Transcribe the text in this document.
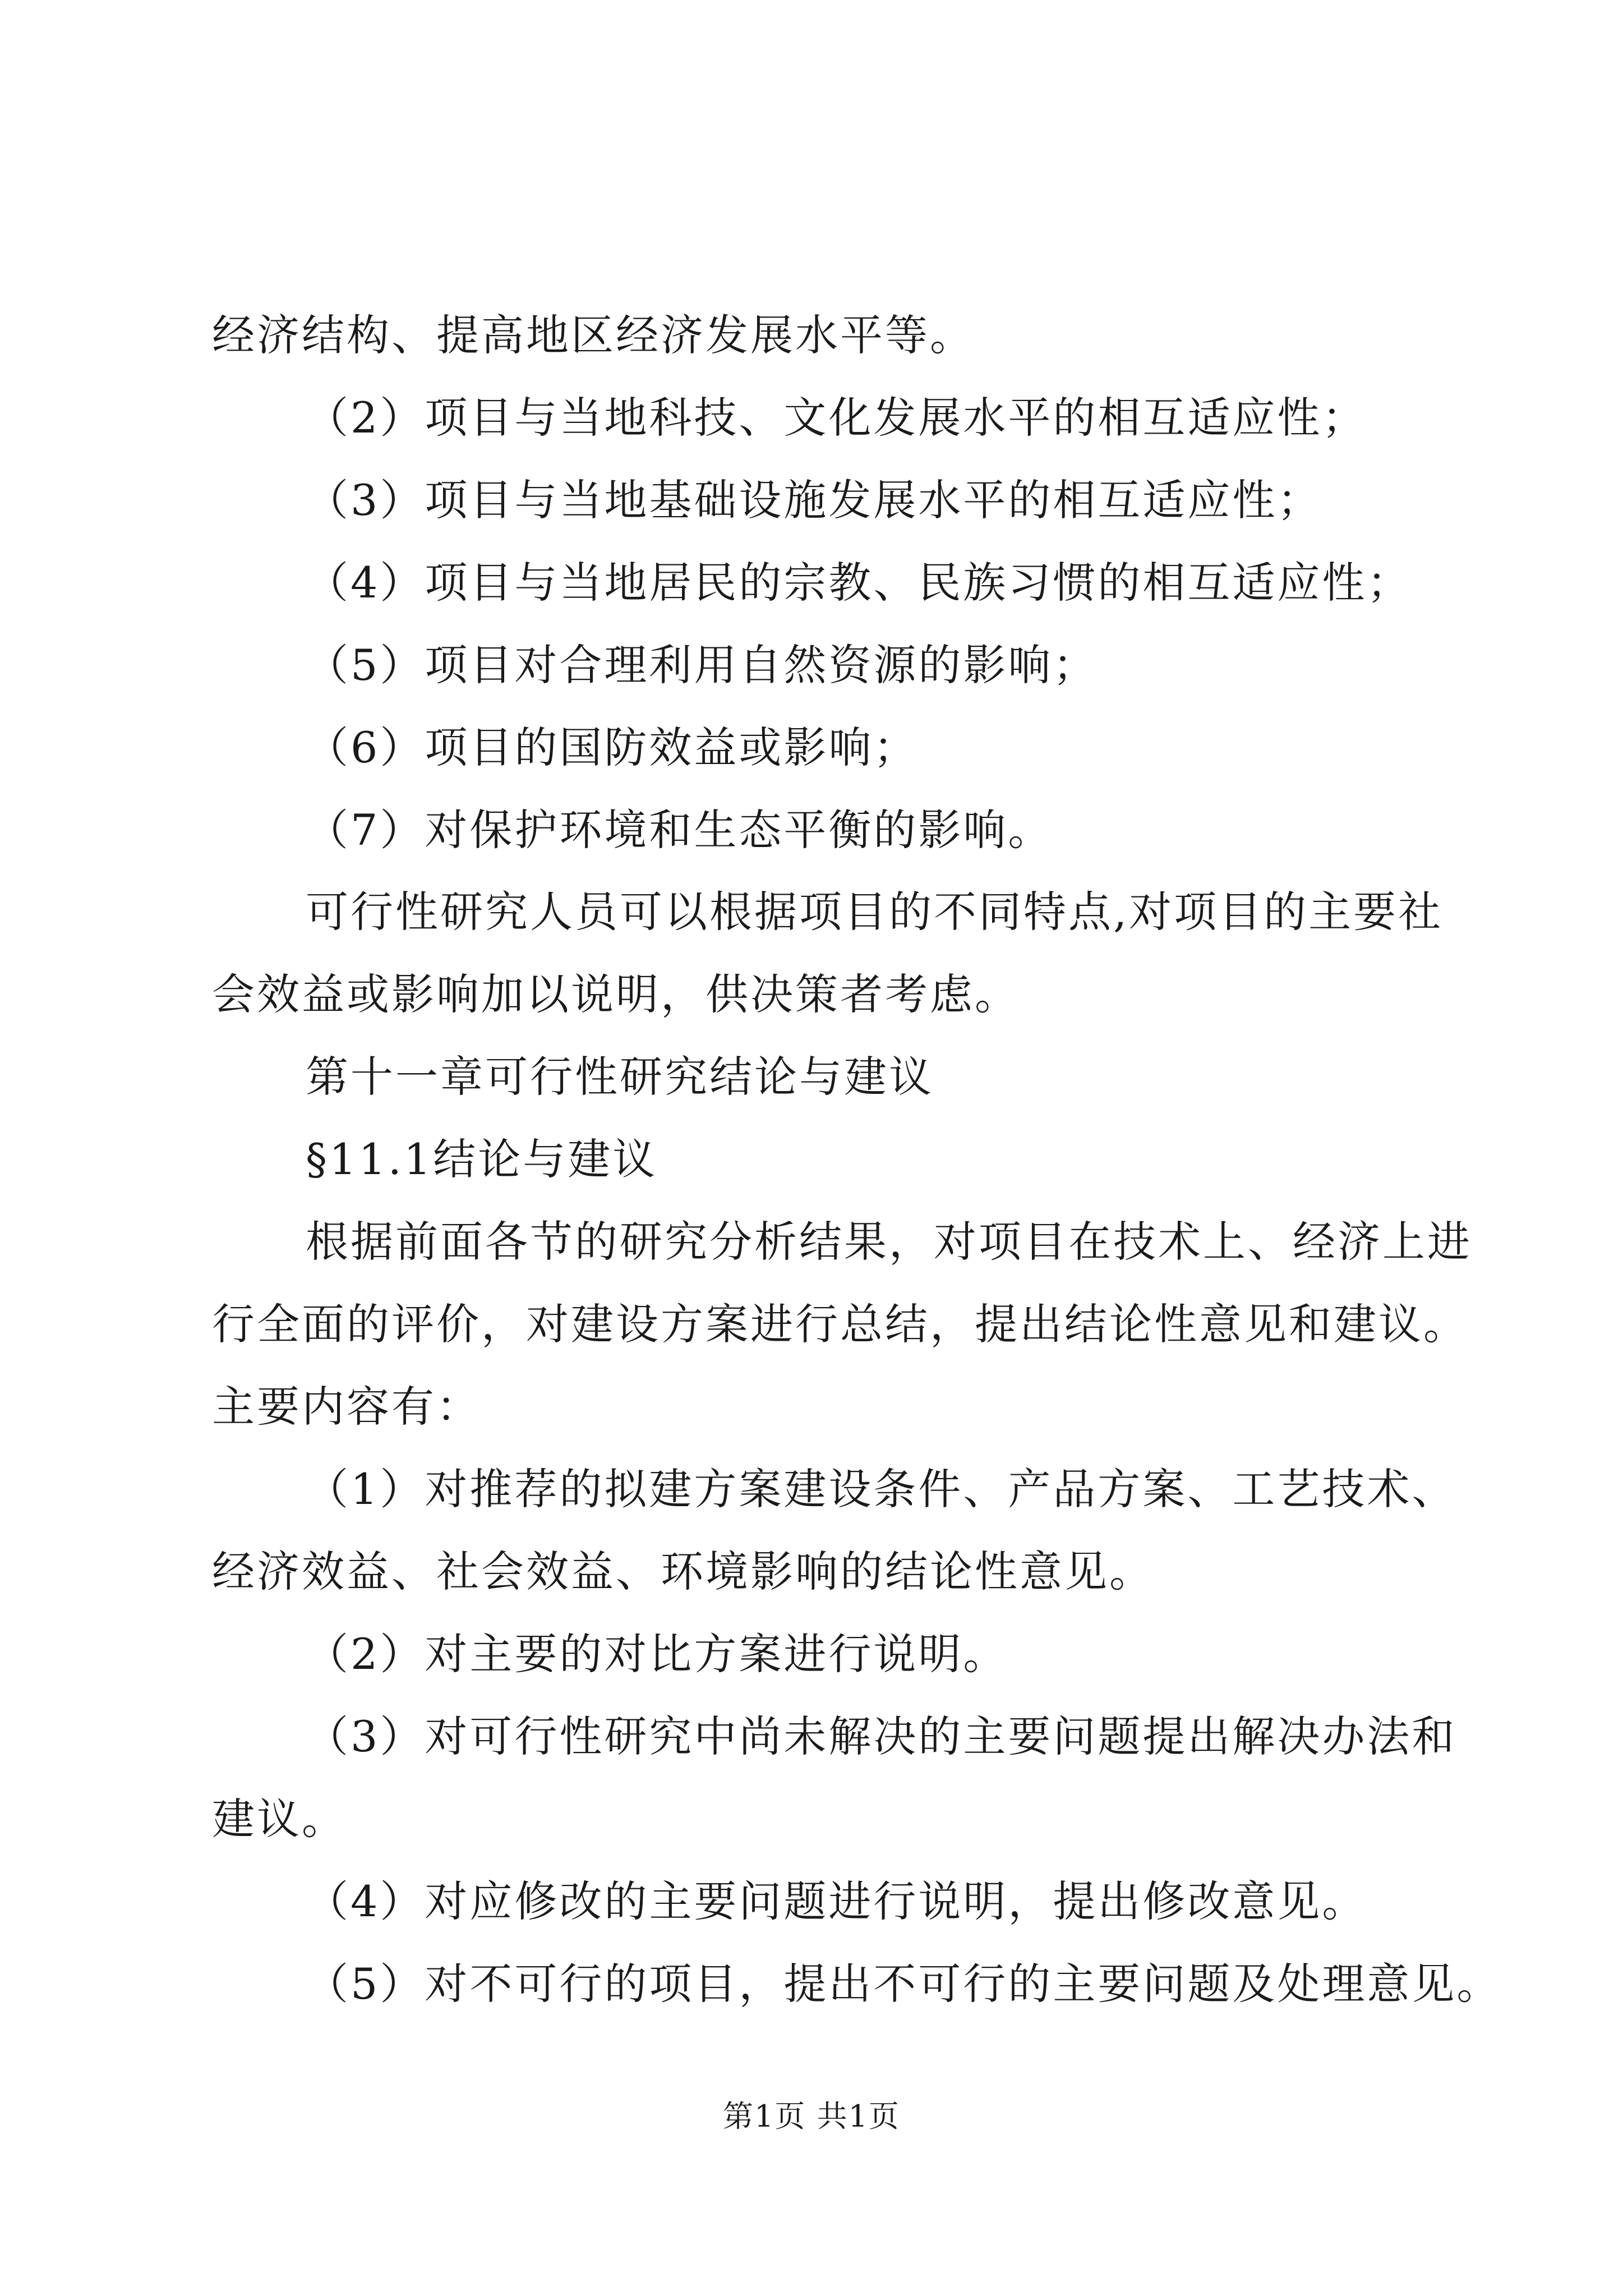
经济结构、提高地区经济发展水平等。
（2）项目与当地科技、文化发展水平的相互适应性；
（3）项目与当地基础设施发展水平的相互适应性；
（4）项目与当地居民的宗教、民族习惯的相互适应性；
（5）项目对合理利用自然资源的影响；
（6）项目的国防效益或影响；
（7）对保护环境和生态平衡的影响。
可行性研究人员可以根据项目的不同特点,对项目的主要社
会效益或影响加以说明，供决策者考虑。
第十一章可行性研究结论与建议
§11.1结论与建议
根据前面各节的研究分析结果，对项目在技术上、经济上进
行全面的评价，对建设方案进行总结，提出结论性意见和建议。
主要内容有：
（1）对推荐的拟建方案建设条件、产品方案、工艺技术、
经济效益、社会效益、环境影响的结论性意见。
（2）对主要的对比方案进行说明。
（3）对可行性研究中尚未解决的主要问题提出解决办法和
建议。
（4）对应修改的主要问题进行说明，提出修改意见。
（5）对不可行的项目，提出不可行的主要问题及处理意见。
第1页 共1页
